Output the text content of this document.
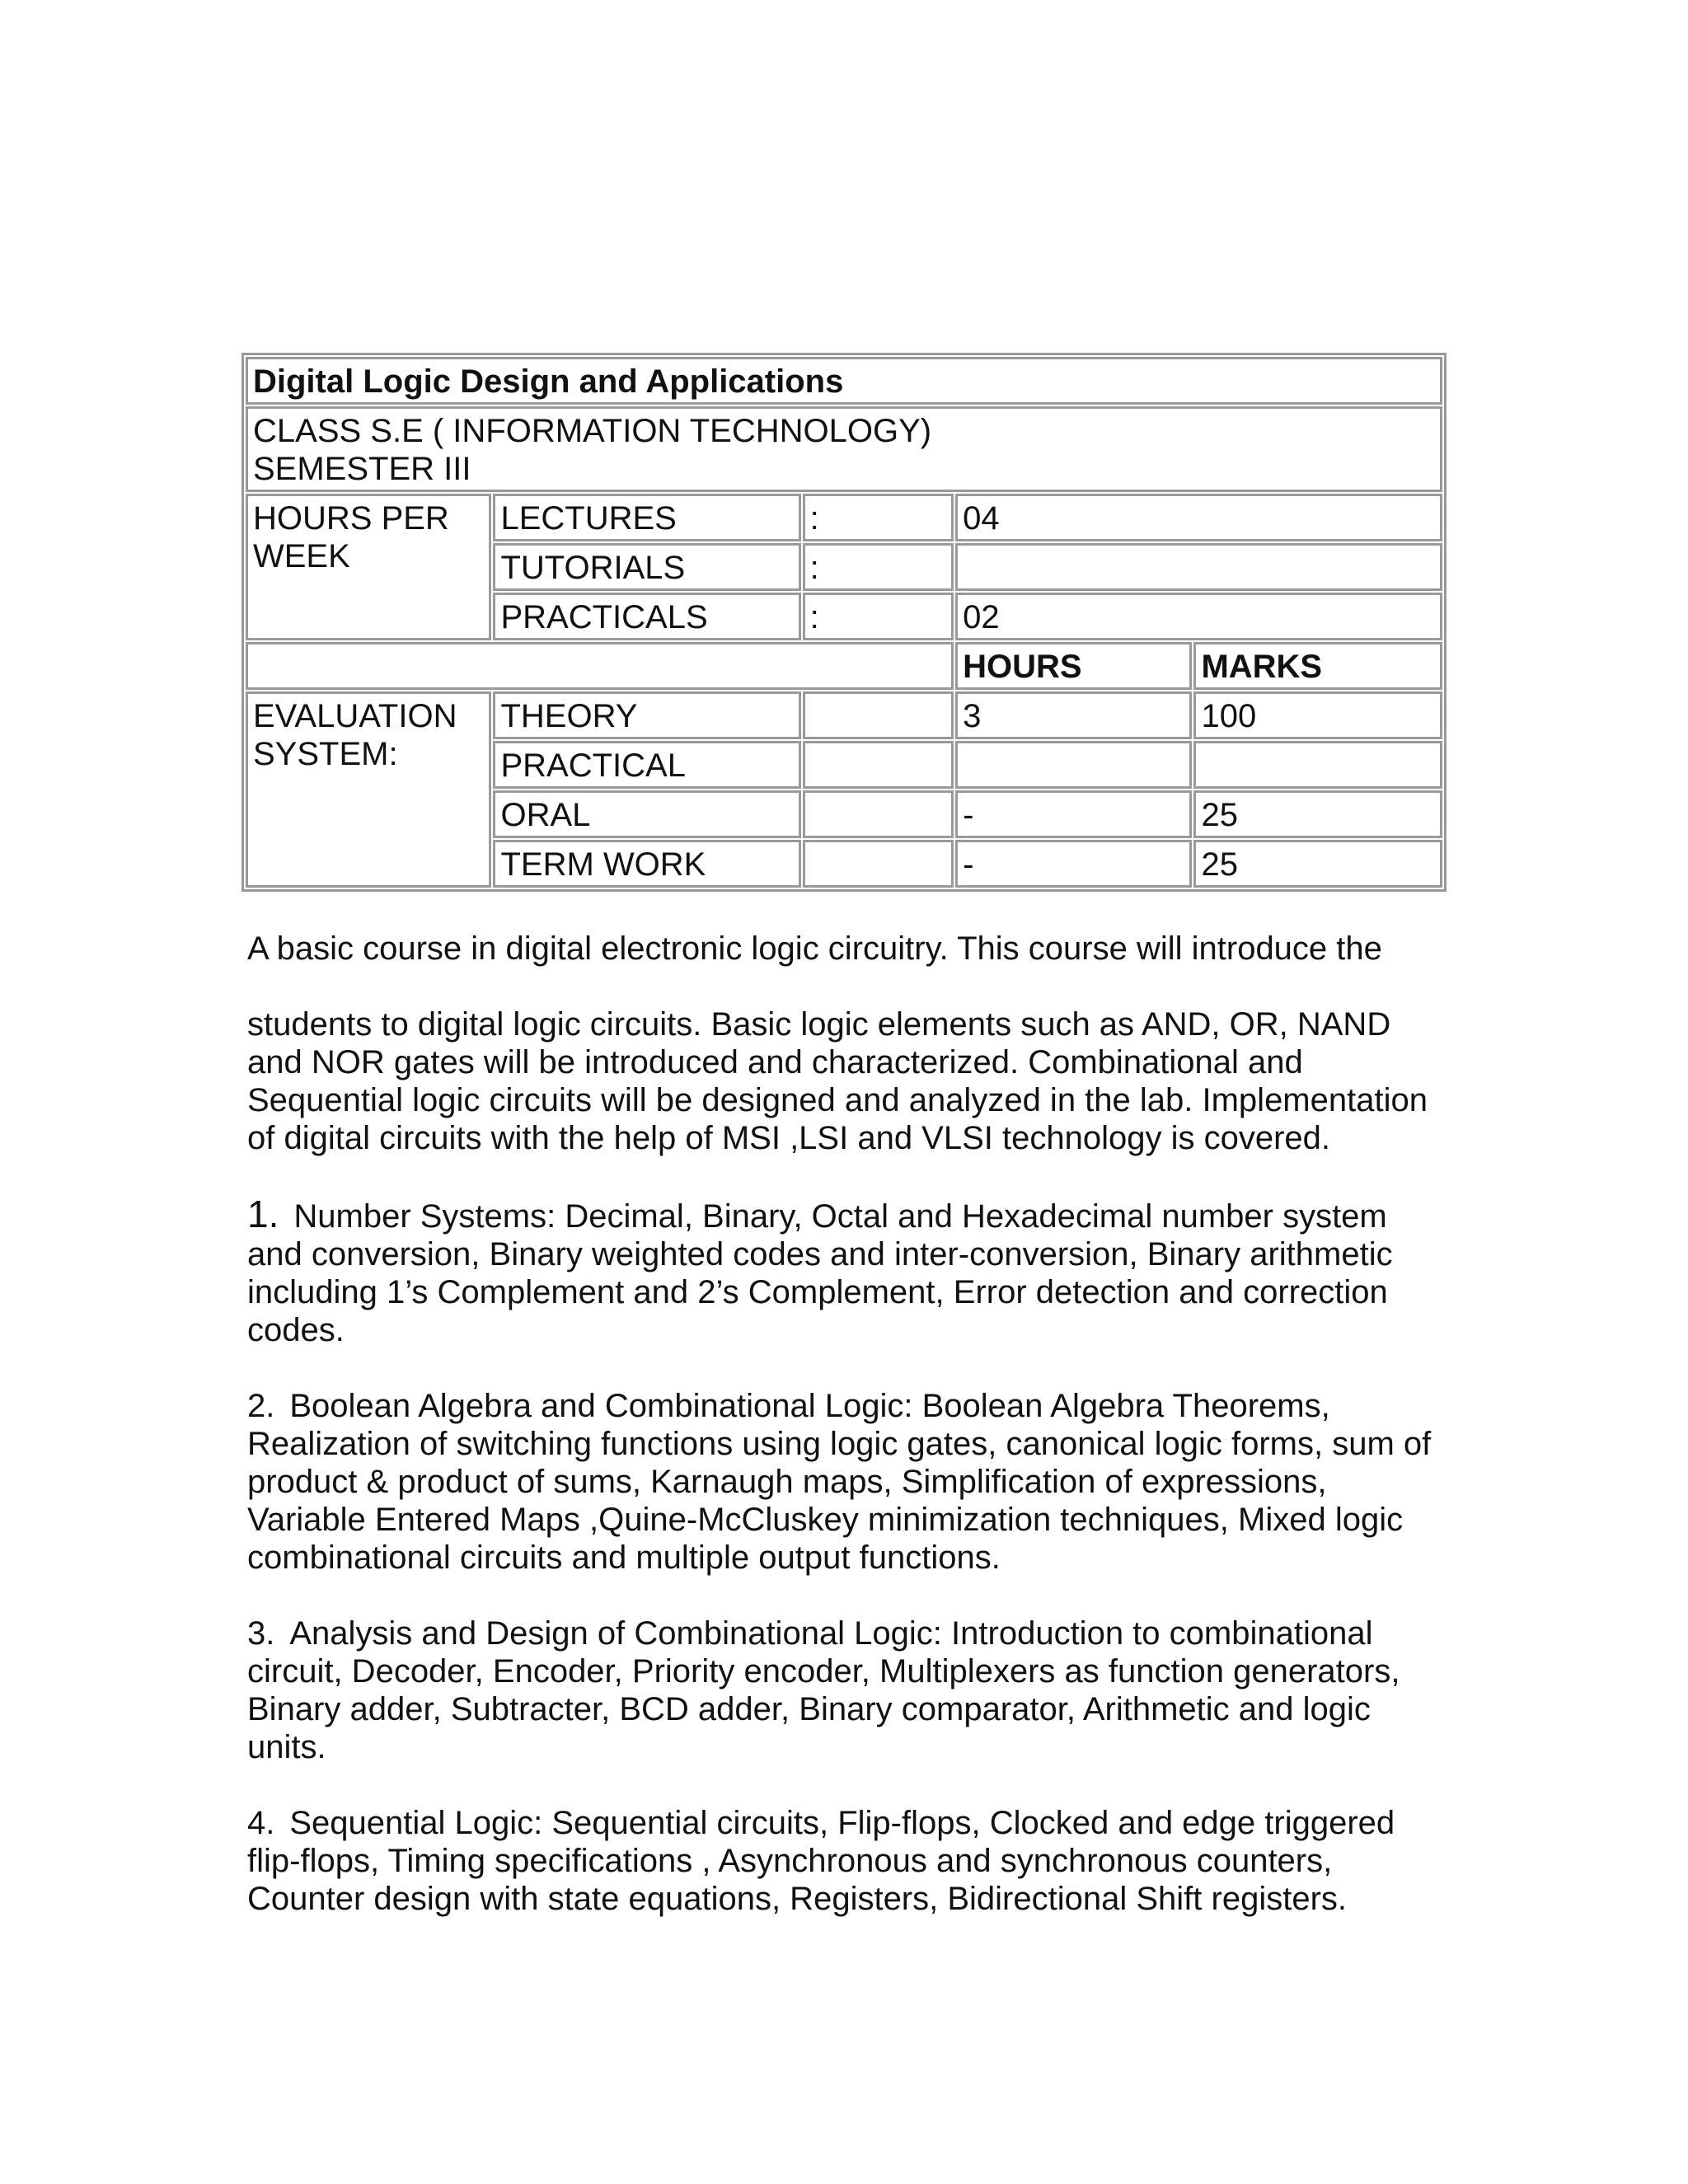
Digital Logic Design and Applications				

CLASS S.E ( INFORMATION TECHNOLOGY)
SEMESTER III				

HOURS PER
WEEK	LECTURES	:	04	
	TUTORIALS	:		
	PRACTICALS	:	02	
			HOURS	MARKS

EVALUATION
SYSTEM:	THEORY		3	100
	PRACTICAL			
	ORAL		-	25
	TERM WORK		-	25

A basic course in digital electronic logic circuitry. This course will introduce the

students to digital logic circuits. Basic logic elements such as AND, OR, NAND
and NOR gates will be introduced and characterized. Combinational and
Sequential logic circuits will be designed and analyzed in the lab. Implementation
of digital circuits with the help of MSI ,LSI and VLSI technology is covered.

1. Number Systems: Decimal, Binary, Octal and Hexadecimal number system
and conversion, Binary weighted codes and inter-conversion, Binary arithmetic
including 1’s Complement and 2’s Complement, Error detection and correction
codes.

2. Boolean Algebra and Combinational Logic: Boolean Algebra Theorems,
Realization of switching functions using logic gates, canonical logic forms, sum of
product & product of sums, Karnaugh maps, Simplification of expressions,
Variable Entered Maps ,Quine-McCluskey minimization techniques, Mixed logic
combinational circuits and multiple output functions.

3. Analysis and Design of Combinational Logic: Introduction to combinational
circuit, Decoder, Encoder, Priority encoder, Multiplexers as function generators,
Binary adder, Subtracter, BCD adder, Binary comparator, Arithmetic and logic
units.

4. Sequential Logic: Sequential circuits, Flip-flops, Clocked and edge triggered
flip-flops, Timing specifications , Asynchronous and synchronous counters,
Counter design with state equations, Registers, Bidirectional Shift registers.
